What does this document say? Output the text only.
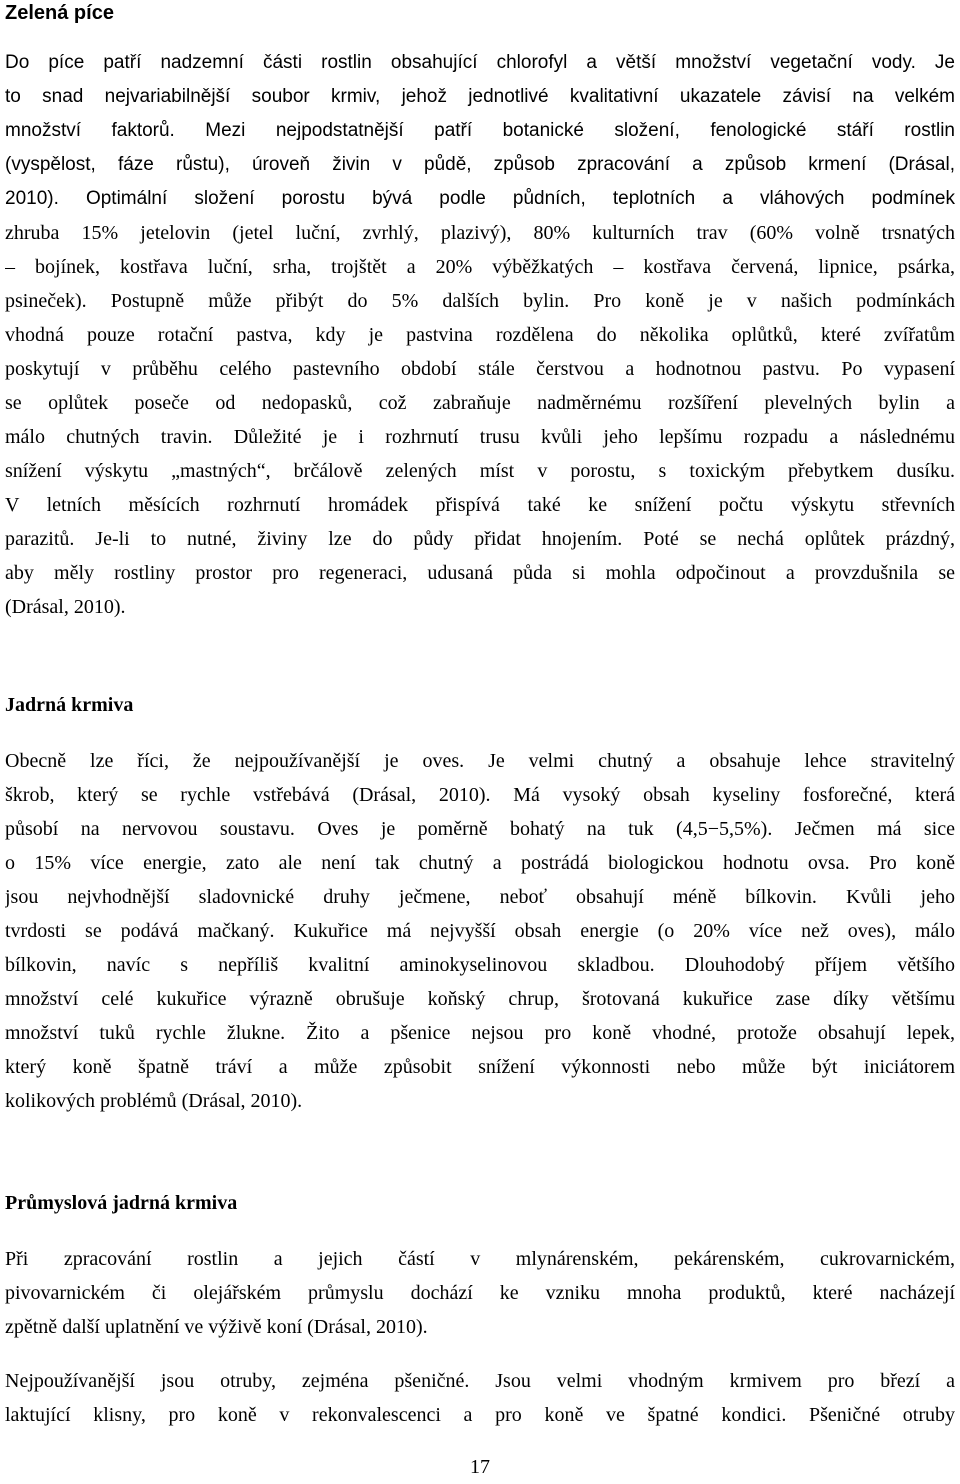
Zelená píce
Do píce patří nadzemní části rostlin obsahující chlorofyl a větší množství vegetační vody. Je
to snad nejvariabilnější soubor krmiv, jehož jednotlivé kvalitativní ukazatele závisí na velkém
množství faktorů. Mezi nejpodstatnější patří botanické složení, fenologické stáří rostlin
(vyspělost, fáze růstu), úroveň živin v půdě, způsob zpracování a způsob krmení (Drásal,
2010). Optimální složení porostu bývá podle půdních, teplotních a vláhových podmínek
zhruba 15% jetelovin (jetel luční, zvrhlý, plazivý), 80% kulturních trav (60% volně trsnatých
– bojínek, kostřava luční, srha, trojštět a 20% výběžkatých – kostřava červená, lipnice, psárka,
psineček). Postupně může přibýt do 5% dalších bylin. Pro koně je v našich podmínkách
vhodná pouze rotační pastva, kdy je pastvina rozdělena do několika oplůtků, které zvířatům
poskytují v průběhu celého pastevního období stále čerstvou a hodnotnou pastvu. Po vypasení
se oplůtek poseče od nedopasků, což zabraňuje nadměrnému rozšíření plevelných bylin a
málo chutných travin. Důležité je i rozhrnutí trusu kvůli jeho lepšímu rozpadu a následnému
snížení výskytu „mastných“, brčálově zelených míst v porostu, s toxickým přebytkem dusíku.
V letních měsících rozhrnutí hromádek přispívá také ke snížení počtu výskytu střevních
parazitů. Je-li to nutné, živiny lze do půdy přidat hnojením. Poté se nechá oplůtek prázdný,
aby měly rostliny prostor pro regeneraci, udusaná půda si mohla odpočinout a provzdušnila se
(Drásal, 2010).
Jadrná krmiva
Obecně lze říci, že nejpoužívanější je oves. Je velmi chutný a obsahuje lehce stravitelný
škrob, který se rychle vstřebává (Drásal, 2010). Má vysoký obsah kyseliny fosforečné, která
působí na nervovou soustavu. Oves je poměrně bohatý na tuk (4,5−5,5%). Ječmen má sice
o 15% více energie, zato ale není tak chutný a postrádá biologickou hodnotu ovsa. Pro koně
jsou nejvhodnější sladovnické druhy ječmene, neboť obsahují méně bílkovin. Kvůli jeho
tvrdosti se podává mačkaný. Kukuřice má nejvyšší obsah energie (o 20% více než oves), málo
bílkovin, navíc s nepříliš kvalitní aminokyselinovou skladbou. Dlouhodobý příjem většího
množství celé kukuřice výrazně obrušuje koňský chrup, šrotovaná kukuřice zase díky většímu
množství tuků rychle žlukne. Žito a pšenice nejsou pro koně vhodné, protože obsahují lepek,
který koně špatně tráví a může způsobit snížení výkonnosti nebo může být iniciátorem
kolikových problémů (Drásal, 2010).
Průmyslová jadrná krmiva
Při zpracování rostlin a jejich částí v mlynárenském, pekárenském, cukrovarnickém,
pivovarnickém či olejářském průmyslu dochází ke vzniku mnoha produktů, které nacházejí
zpětně další uplatnění ve výživě koní (Drásal, 2010).
Nejpoužívanější jsou otruby, zejména pšeničné. Jsou velmi vhodným krmivem pro březí a
laktující klisny, pro koně v rekonvalescenci a pro koně ve špatné kondici. Pšeničné otruby

17
